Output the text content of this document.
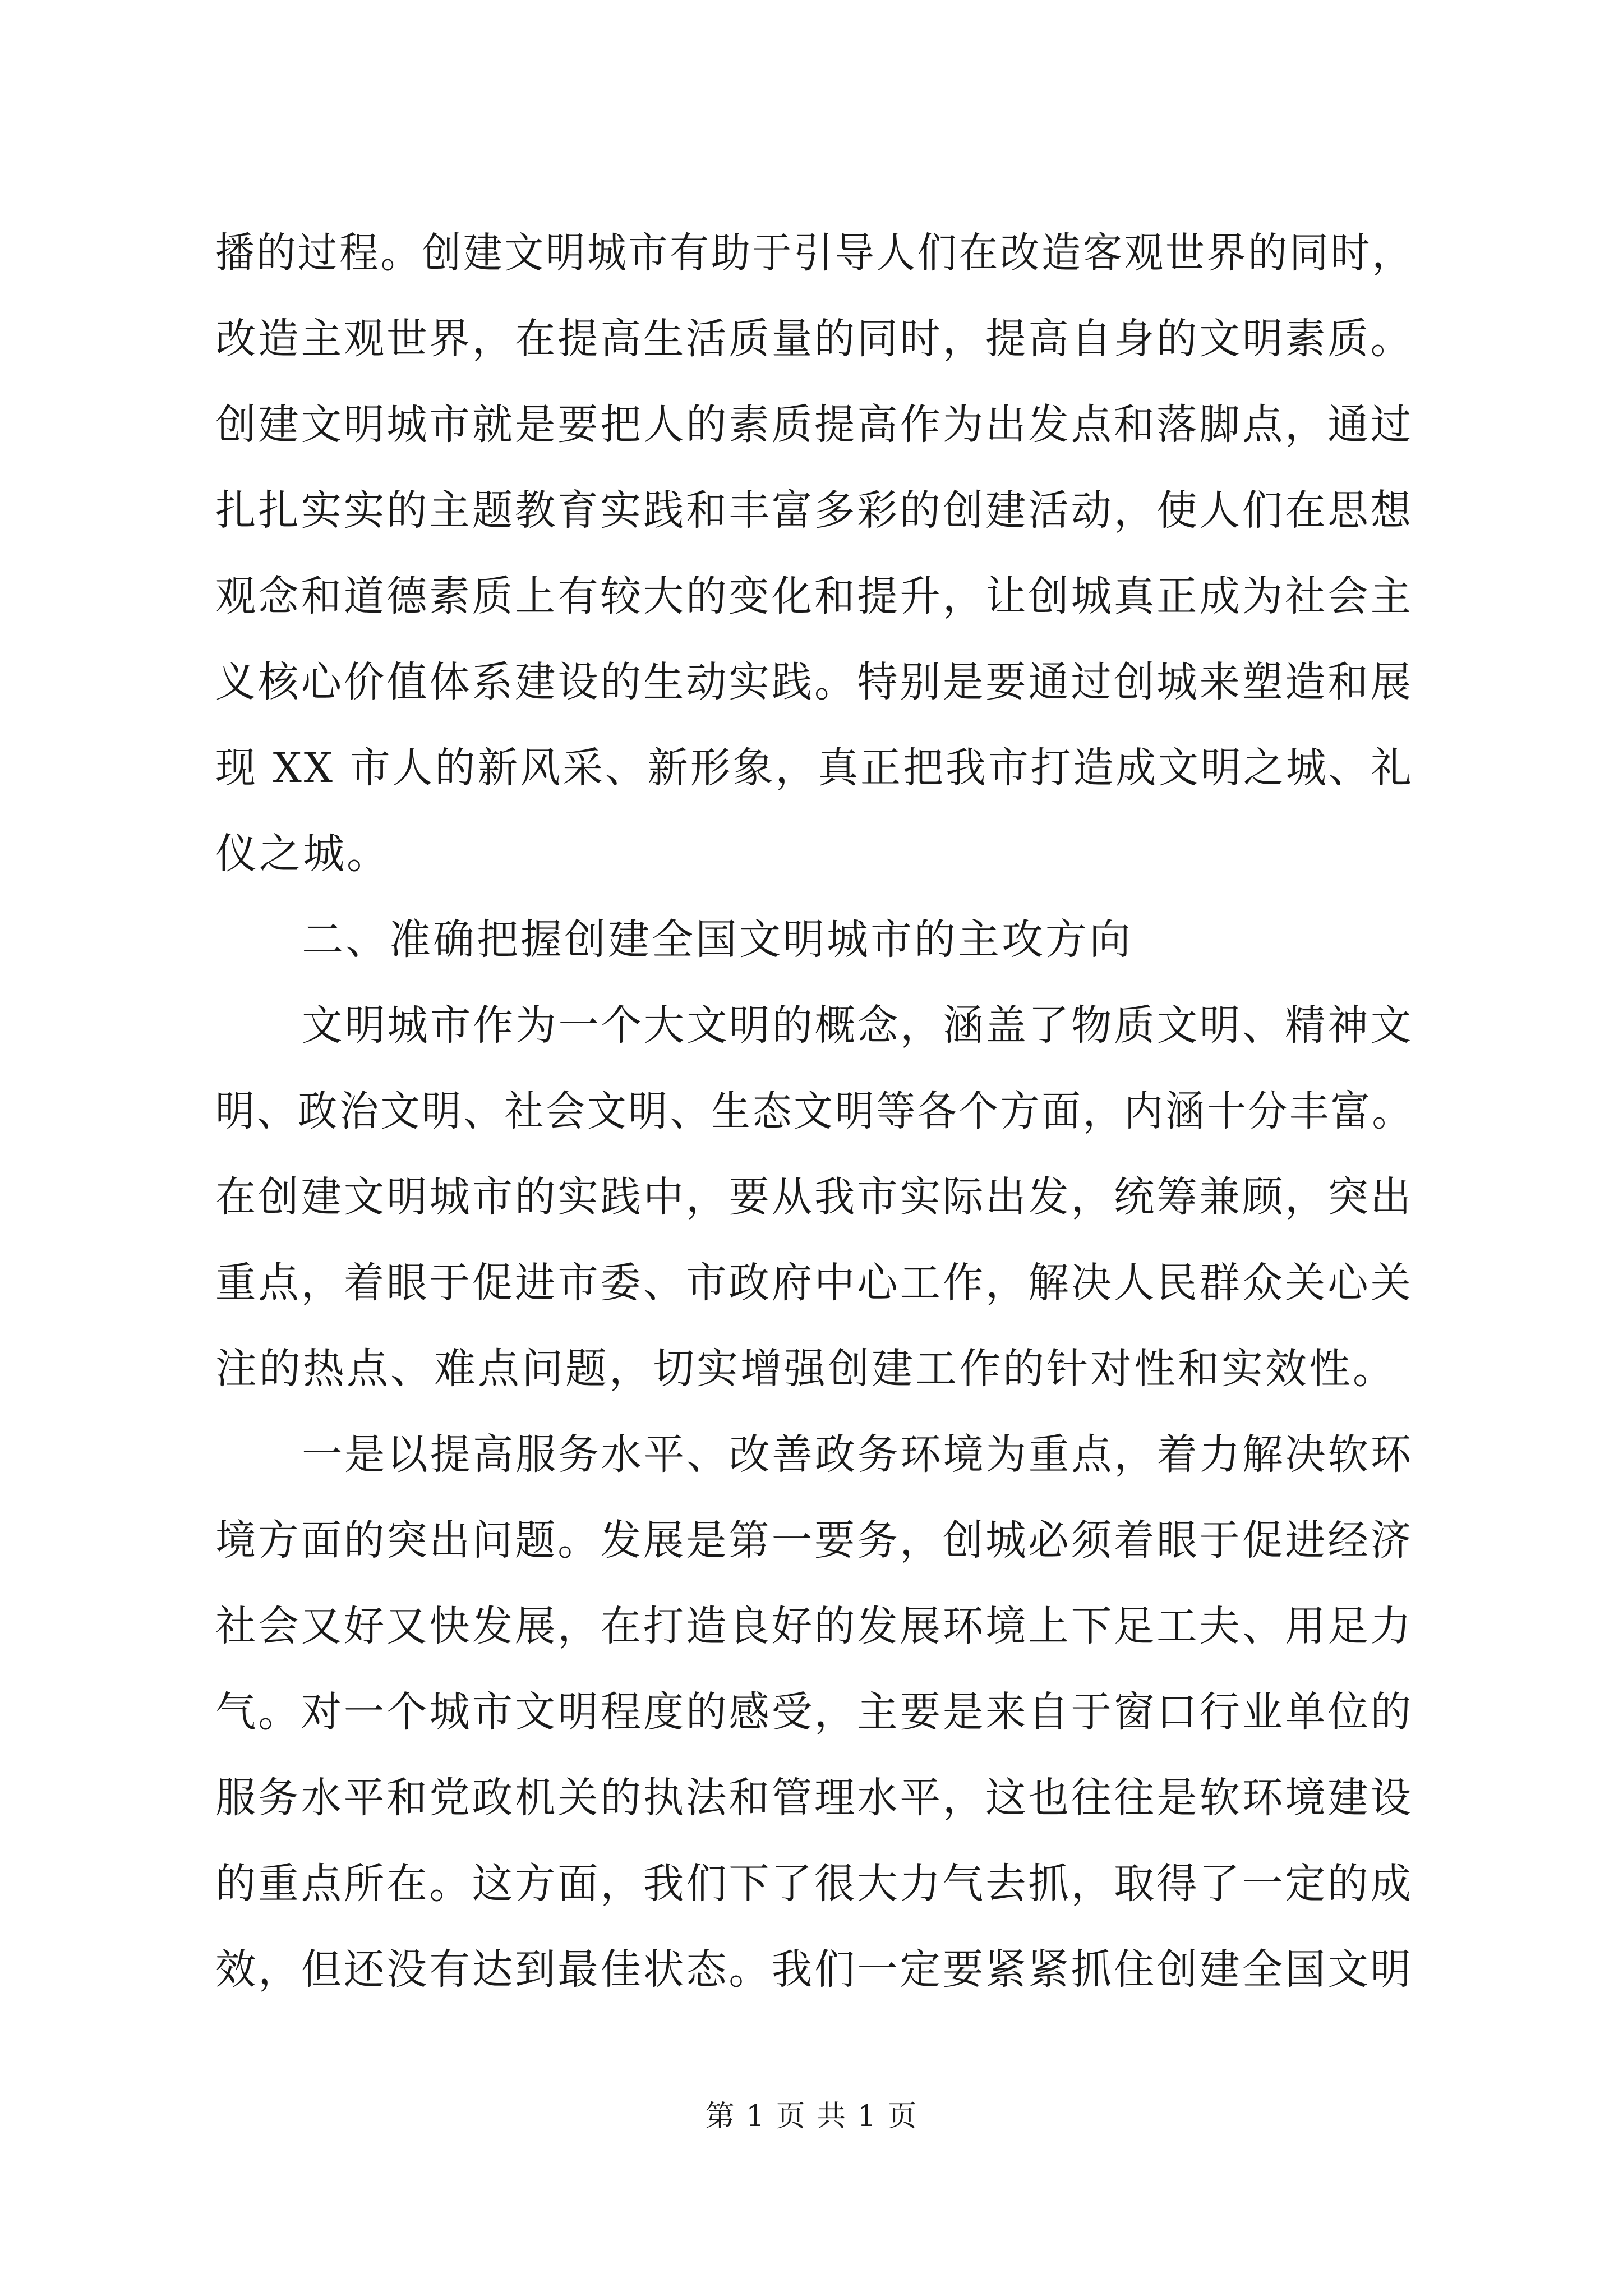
播的过程。创建文明城市有助于引导人们在改造客观世界的同时，
改造主观世界，在提高生活质量的同时，提高自身的文明素质。
创建文明城市就是要把人的素质提高作为出发点和落脚点，通过
扎扎实实的主题教育实践和丰富多彩的创建活动，使人们在思想
观念和道德素质上有较大的变化和提升，让创城真正成为社会主
义核心价值体系建设的生动实践。特别是要通过创城来塑造和展
现 XX 市人的新风采、新形象，真正把我市打造成文明之城、礼
仪之城。
二、准确把握创建全国文明城市的主攻方向
文明城市作为一个大文明的概念，涵盖了物质文明、精神文
明、政治文明、社会文明、生态文明等各个方面，内涵十分丰富。
在创建文明城市的实践中，要从我市实际出发，统筹兼顾，突出
重点，着眼于促进市委、市政府中心工作，解决人民群众关心关
注的热点、难点问题，切实增强创建工作的针对性和实效性。
一是以提高服务水平、改善政务环境为重点，着力解决软环
境方面的突出问题。发展是第一要务，创城必须着眼于促进经济
社会又好又快发展，在打造良好的发展环境上下足工夫、用足力
气。对一个城市文明程度的感受，主要是来自于窗口行业单位的
服务水平和党政机关的执法和管理水平，这也往往是软环境建设
的重点所在。这方面，我们下了很大力气去抓，取得了一定的成
效，但还没有达到最佳状态。我们一定要紧紧抓住创建全国文明
第 1 页 共 1 页
